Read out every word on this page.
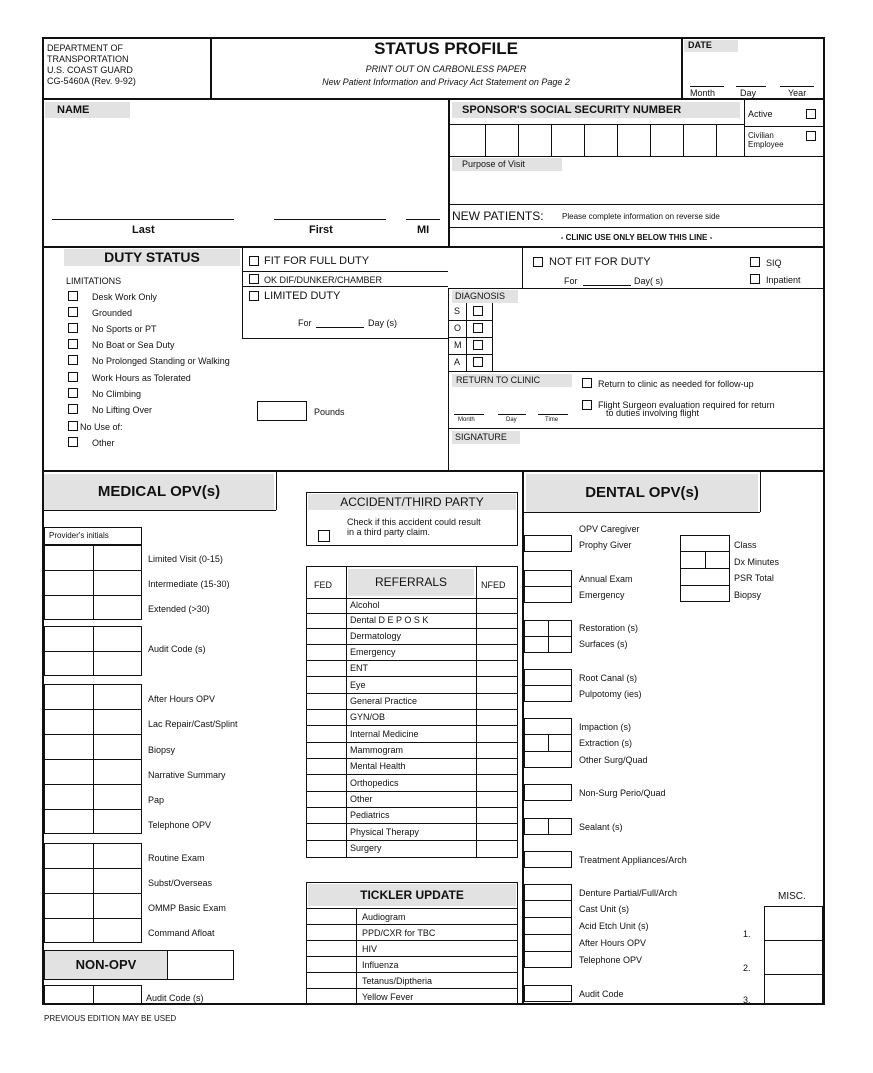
DEPARTMENT OF
TRANSPORTATION
U.S. COAST GUARD
CG-5460A (Rev. 9-92)
STATUS PROFILE
PRINT OUT ON CARBONLESS PAPER
New Patient Information and Privacy Act Statement on Page 2
DATE
Month	Day	Year
NAME
Last	First	MI
SPONSOR'S SOCIAL SECURITY NUMBER	Active
Civilian
Employee
Purpose of Visit
NEW PATIENTS: Please complete information on reverse side
- CLINIC USE ONLY BELOW THIS LINE -
DUTY STATUS
LIMITATIONS
Desk Work Only
Grounded
No Sports or PT
No Boat or Sea Duty
No Prolonged Standing or Walking
Work Hours as Tolerated
No Climbing
No Lifting Over
No Use of:
Other
Pounds
FIT FOR FULL DUTY
OK DIF/DUNKER/CHAMBER
LIMITED DUTY
For	Day (s)
NOT FIT FOR DUTY
For	Day( s)
SIQ
Inpatient
DIAGNOSIS
S
O
M
A
RETURN TO CLINIC	Return to clinic as needed for follow-up
Flight Surgeon evaluation required for return
to duties involving flight
Month	Day	Time
SIGNATURE
MEDICAL OPV(s)
Provider's initials
Limited Visit (0-15)
Intermediate (15-30)
Extended (>30)
Audit Code (s)
After Hours OPV
Lac Repair/Cast/Splint
Biopsy
Narrative Summary
Pap
Telephone OPV
Routine Exam
Subst/Overseas
OMMP Basic Exam
Command Afloat
NON-OPV
Audit Code (s)
ACCIDENT/THIRD PARTY
Check if this accident could result
in a third party claim.
FED	REFERRALS	NFED
Alcohol
Dental D E P O S K
Dermatology
Emergency
ENT
Eye
General Practice
GYN/OB
Internal Medicine
Mammogram
Mental Health
Orthopedics
Other
Pediatrics
Physical Therapy
Surgery
TICKLER UPDATE
Audiogram
PPD/CXR for TBC
HIV
Influenza
Tetanus/Diptheria
Yellow Fever
DENTAL OPV(s)
OPV Caregiver
Prophy Giver	Class
Dx Minutes
PSR Total
Biopsy
Annual Exam
Emergency
Restoration (s)
Surfaces (s)
Root Canal (s)
Pulpotomy (ies)
Impaction (s)
Extraction (s)
Other Surg/Quad
Non-Surg Perio/Quad
Sealant (s)
Treatment Appliances/Arch
Denture Partial/Full/Arch
Cast Unit (s)
Acid Etch Unit (s)
After Hours OPV
Telephone OPV
Audit Code
MISC.
1.
2.
3.
PREVIOUS EDITION MAY BE USED
